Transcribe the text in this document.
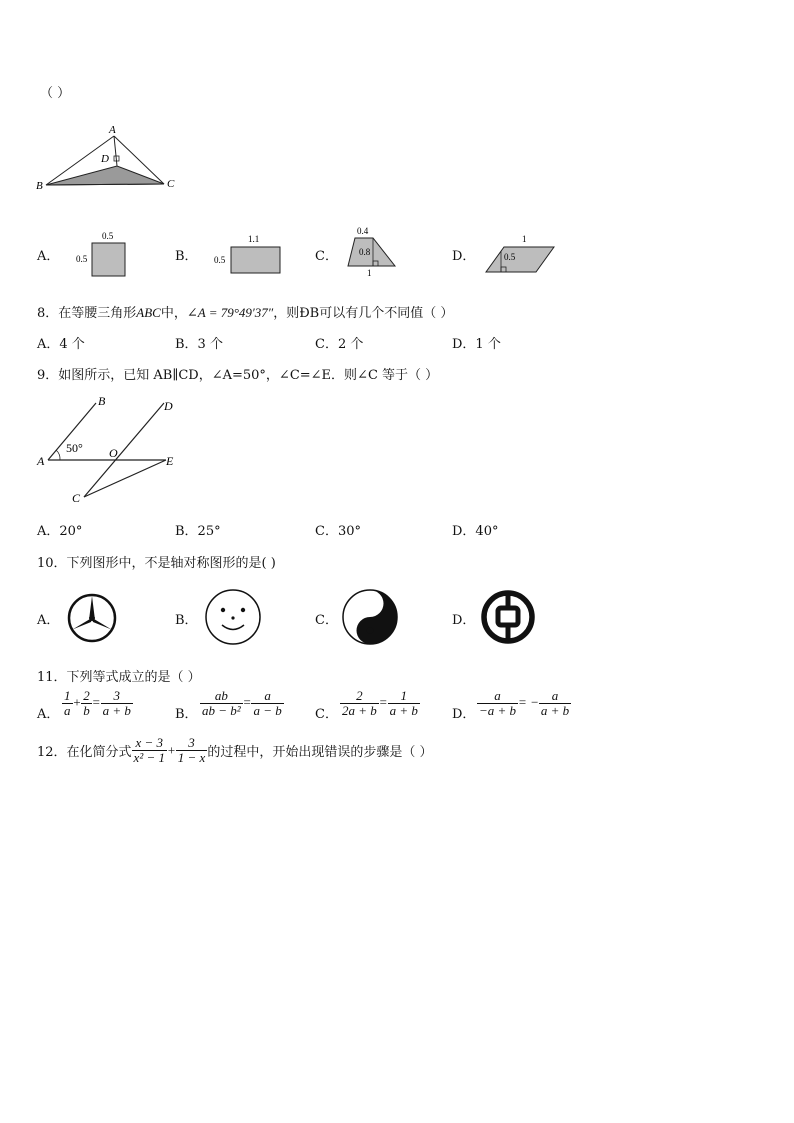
（ ）
A
B	C
D
A．
0.5
0.5	B．
1.1
0.5	C．
0.4
0.8
1
D．
1
0.5
8．在等腰三角形ABC中，∠A = 79°49′37″，则ÐB可以有几个不同值（ ）
A．4 个	B．3 个	C．2 个	D．1 个
9．如图所示，已知 AB∥CD，∠A=50°，∠C=∠E．则∠C 等于（ ）
B	D
A
O
E
C
50°
A．20°	B．25°	C．30°	D．40°
10．下列图形中，不是轴对称图形的是( )
A．	B．	C．	D．
11．下列等式成立的是（ ）
A． $\frac{1}{a} + \frac{2}{b} = \frac{3}{a + b}$	B． $\frac{ab}{\text{ab − b²}} = \frac{a}{a - b}$ C． $\frac{2}{2a + b} = \frac{1}{a + b}$ D． $\frac{a}{-a + b}$ = − $\frac{a}{a + b}$
12．在化简分式 $\frac{x - 3}{\text{x² − 1}} + \frac{3}{1 - x}$ 的过程中，开始出现错误的步骤是（ ）
